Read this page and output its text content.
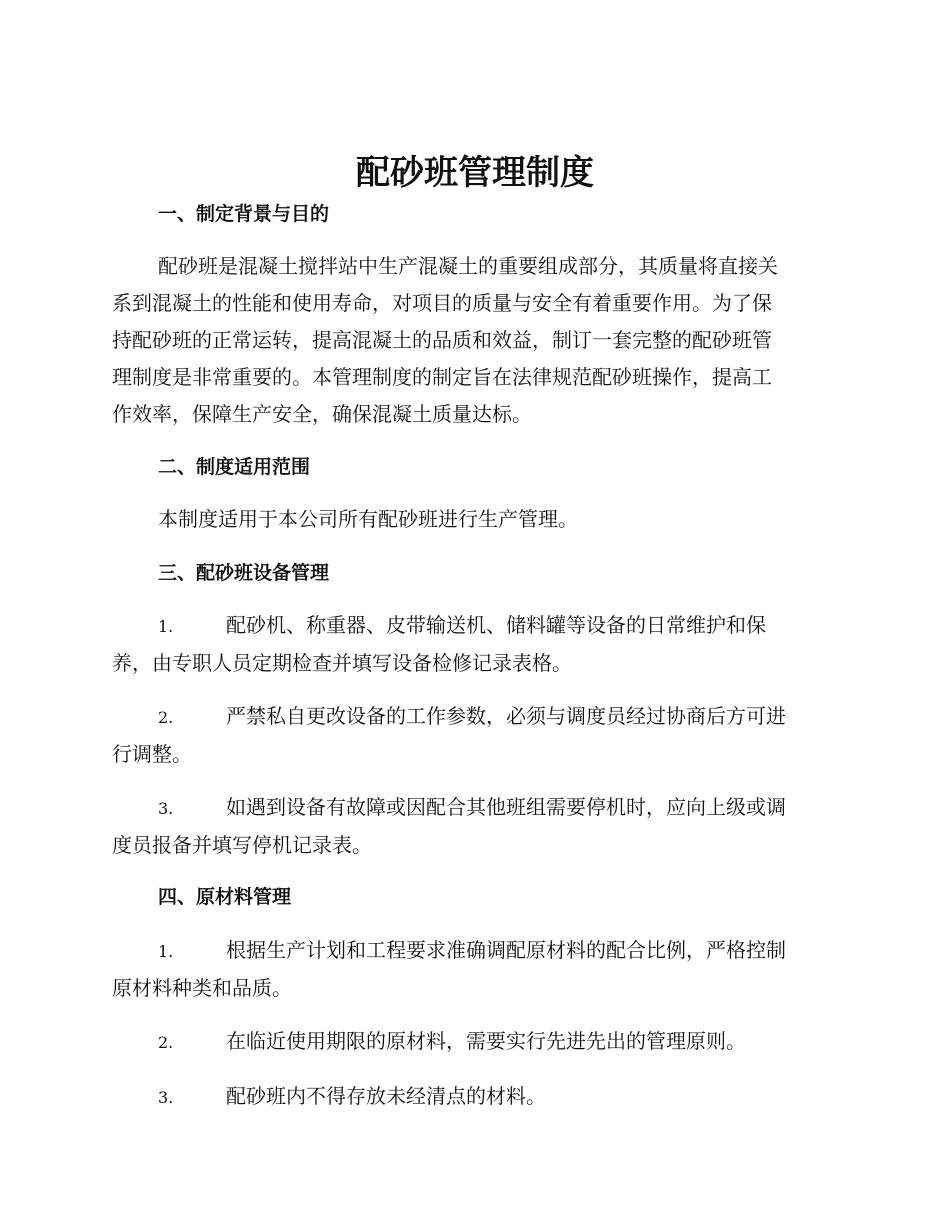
配砂班管理制度
一、制定背景与目的

配砂班是混凝土搅拌站中生产混凝土的重要组成部分，其质量将直接关
系到混凝土的性能和使用寿命，对项目的质量与安全有着重要作用。为了保
持配砂班的正常运转，提高混凝土的品质和效益，制订一套完整的配砂班管
理制度是非常重要的。本管理制度的制定旨在法律规范配砂班操作，提高工
作效率，保障生产安全，确保混凝土质量达标。

二、制度适用范围

本制度适用于本公司所有配砂班进行生产管理。

三、配砂班设备管理
1.	配砂机、称重器、皮带输送机、储料罐等设备的日常维护和保
养，由专职人员定期检查并填写设备检修记录表格。
2.	严禁私自更改设备的工作参数，必须与调度员经过协商后方可进
行调整。
3.	如遇到设备有故障或因配合其他班组需要停机时，应向上级或调
度员报备并填写停机记录表。
四、原材料管理
1.	根据生产计划和工程要求准确调配原材料的配合比例，严格控制
原材料种类和品质。
2.	在临近使用期限的原材料，需要实行先进先出的管理原则。
3.	配砂班内不得存放未经清点的材料。
